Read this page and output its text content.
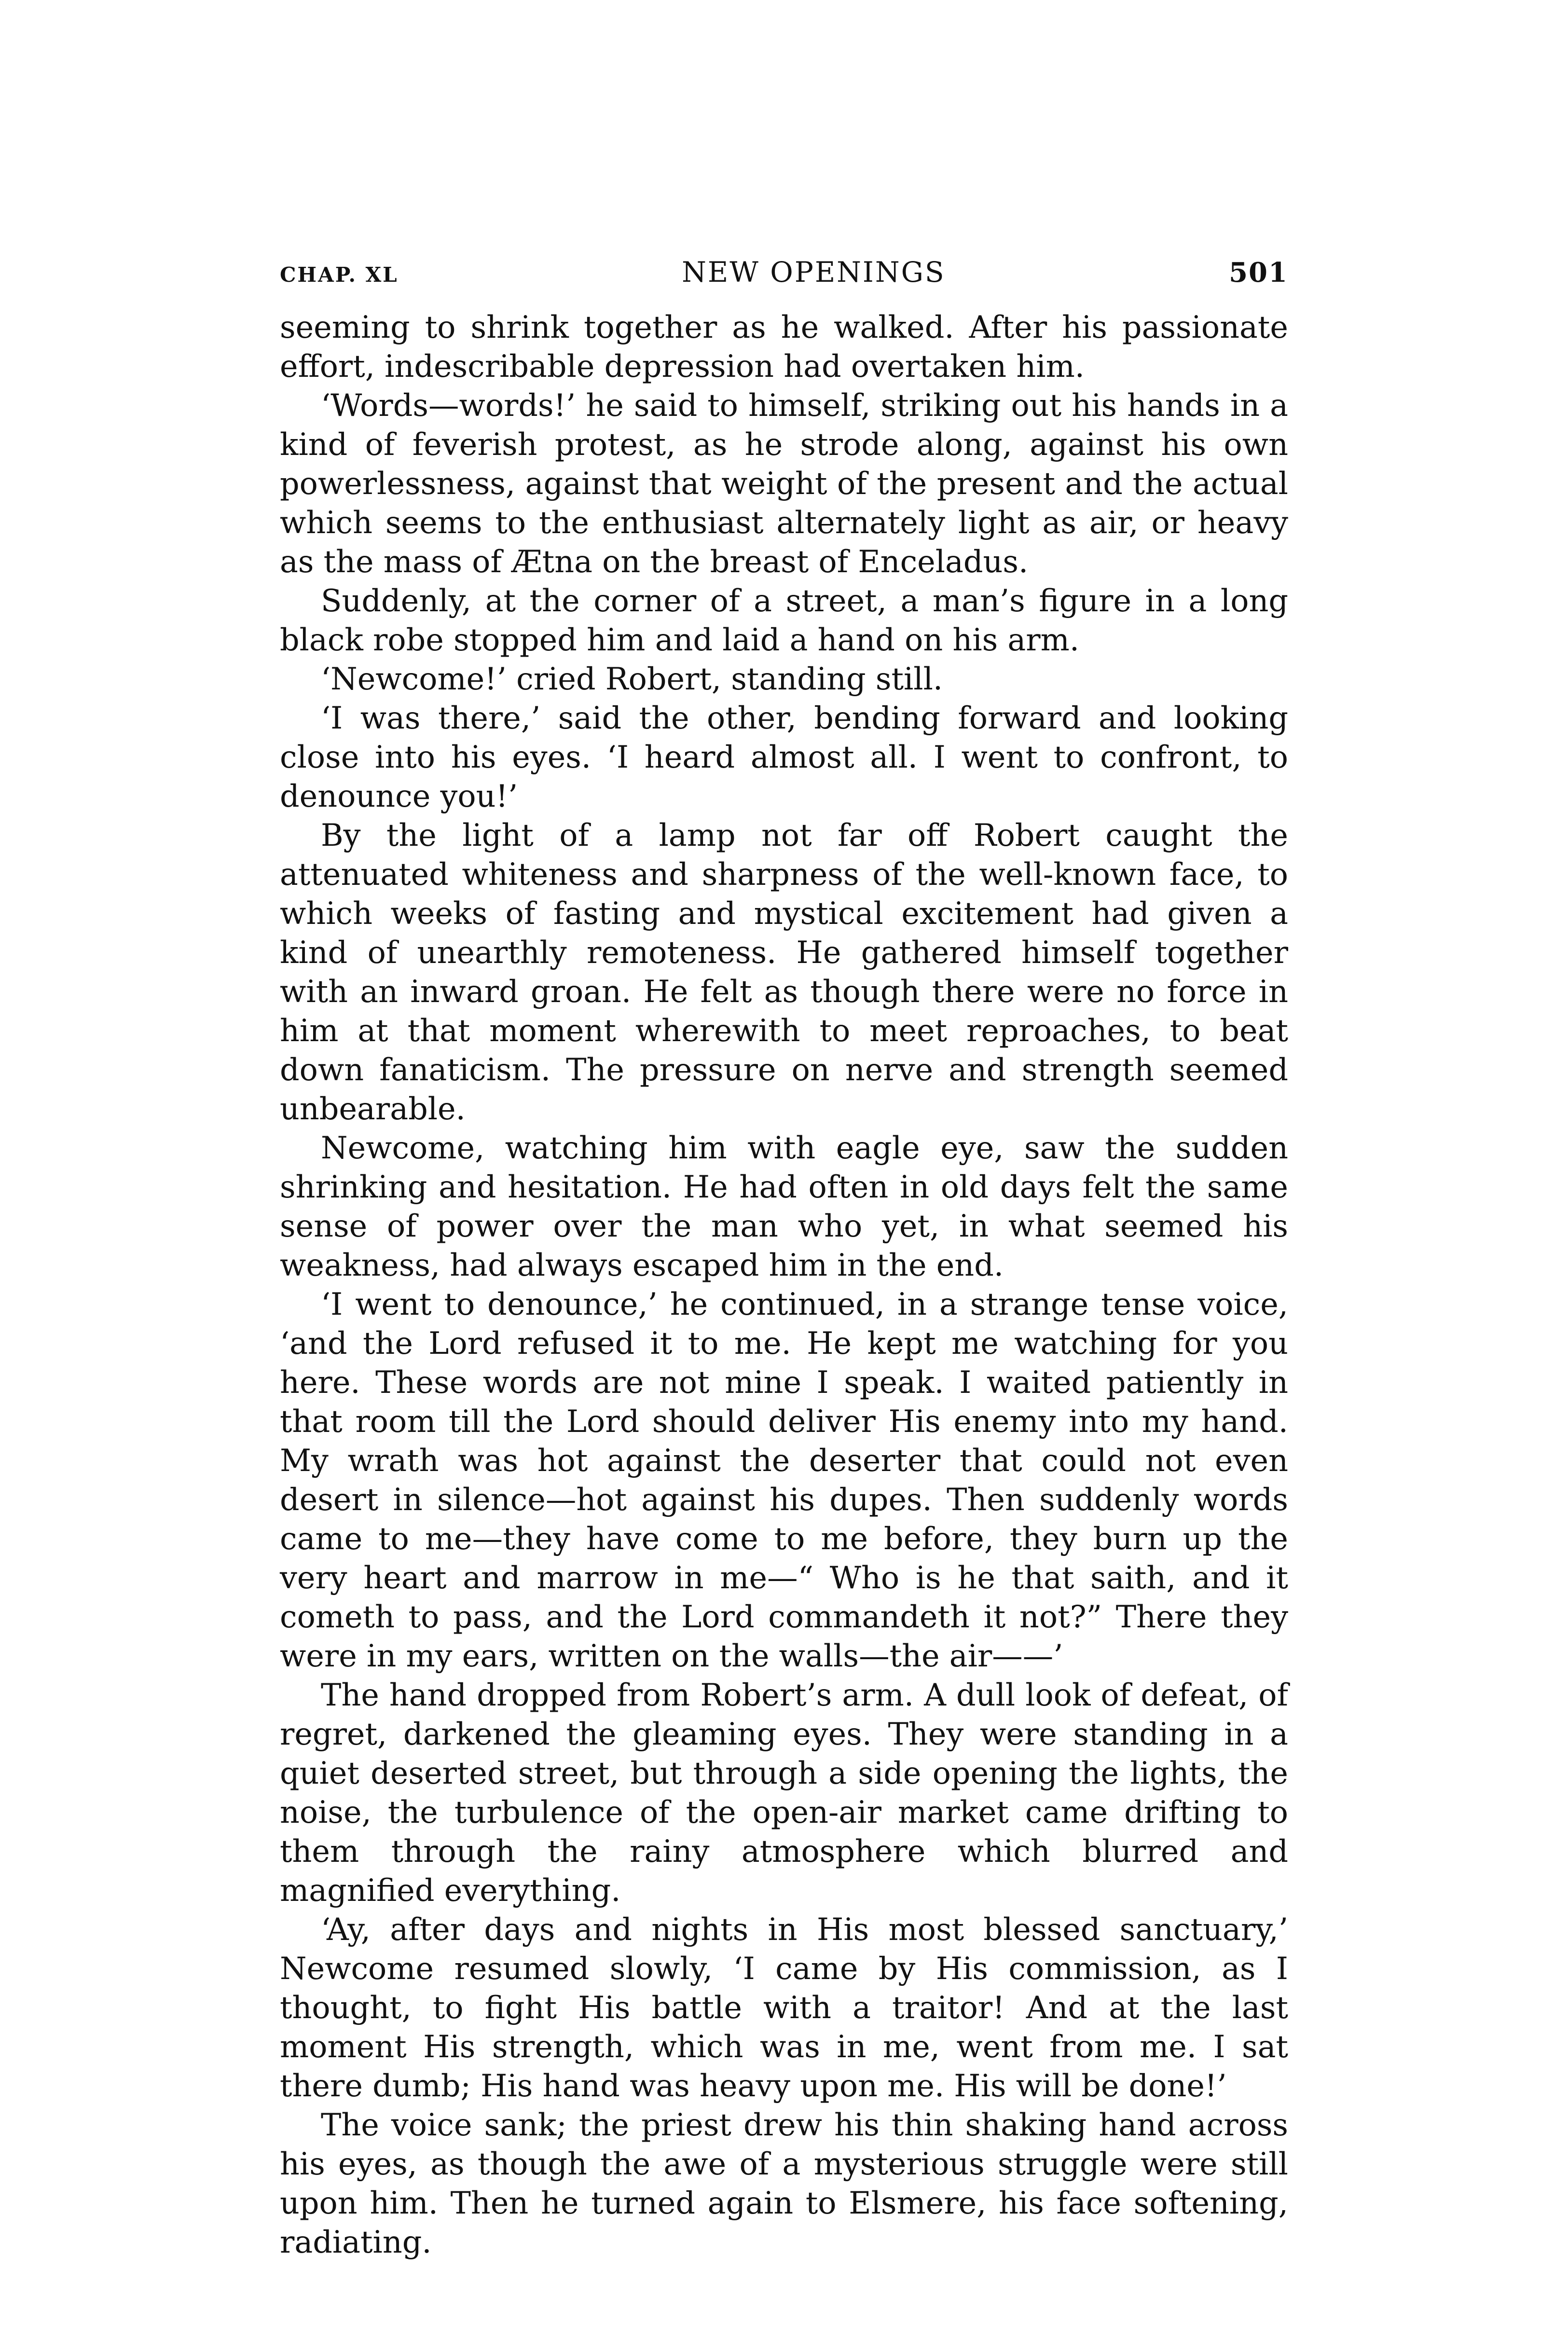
CHAP. XL	NEW OPENINGS	501

seeming to shrink together as he walked. After his passionate effort, indescribable depression had overtaken him.

‘Words—words!’ he said to himself, striking out his hands in a kind of feverish protest, as he strode along, against his own powerlessness, against that weight of the present and the actual which seems to the enthusiast alternately light as air, or heavy as the mass of Ætna on the breast of Enceladus.

Suddenly, at the corner of a street, a man’s figure in a long black robe stopped him and laid a hand on his arm.

‘Newcome!’ cried Robert, standing still.

‘I was there,’ said the other, bending forward and looking close into his eyes. ‘I heard almost all. I went to confront, to denounce you!’

By the light of a lamp not far off Robert caught the attenuated whiteness and sharpness of the well-known face, to which weeks of fasting and mystical excitement had given a kind of unearthly remoteness. He gathered himself together with an inward groan. He felt as though there were no force in him at that moment wherewith to meet reproaches, to beat down fanaticism. The pressure on nerve and strength seemed unbearable.

Newcome, watching him with eagle eye, saw the sudden shrinking and hesitation. He had often in old days felt the same sense of power over the man who yet, in what seemed his weakness, had always escaped him in the end.

‘I went to denounce,’ he continued, in a strange tense voice, ‘and the Lord refused it to me. He kept me watching for you here. These words are not mine I speak. I waited patiently in that room till the Lord should deliver His enemy into my hand. My wrath was hot against the deserter that could not even desert in silence—hot against his dupes. Then suddenly words came to me—they have come to me before, they burn up the very heart and marrow in me—“ Who is he that saith, and it cometh to pass, and the Lord commandeth it not?” There they were in my ears, written on the walls—the air——’

The hand dropped from Robert’s arm. A dull look of defeat, of regret, darkened the gleaming eyes. They were standing in a quiet deserted street, but through a side opening the lights, the noise, the turbulence of the open-air market came drifting to them through the rainy atmosphere which blurred and magnified everything.

‘Ay, after days and nights in His most blessed sanctuary,’ Newcome resumed slowly, ‘I came by His commission, as I thought, to fight His battle with a traitor! And at the last moment His strength, which was in me, went from me. I sat there dumb; His hand was heavy upon me. His will be done!’

The voice sank; the priest drew his thin shaking hand across his eyes, as though the awe of a mysterious struggle were still upon him. Then he turned again to Elsmere, his face softening, radiating.
